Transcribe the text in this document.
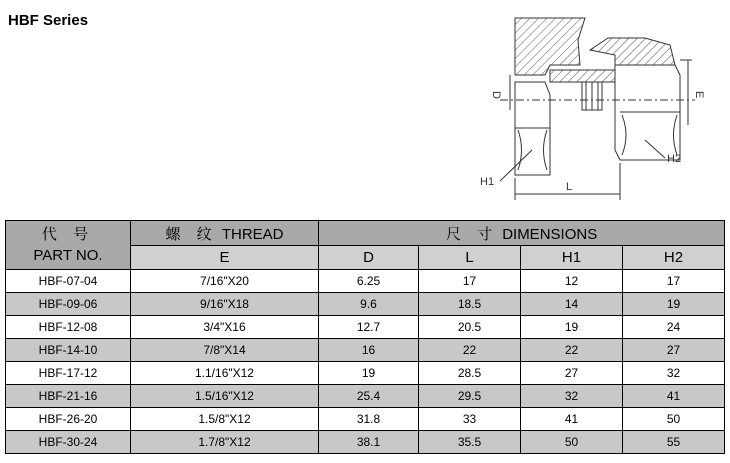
HBF Series
D	E
H1
H2
L
代 号
PART NO.	螺 纹 THREAD	尺 寸 DIMENSIONS			
	E	D	L	H1	H2
HBF-07-04	7/16"X20	6.25	17	12	17
HBF-09-06	9/16"X18	9.6	18.5	14	19
HBF-12-08	3/4"X16	12.7	20.5	19	24
HBF-14-10	7/8"X14	16	22	22	27
HBF-17-12	1.1/16"X12	19	28.5	27	32
HBF-21-16	1.5/16"X12	25.4	29.5	32	41
HBF-26-20	1.5/8"X12	31.8	33	41	50
HBF-30-24	1.7/8"X12	38.1	35.5	50	55
